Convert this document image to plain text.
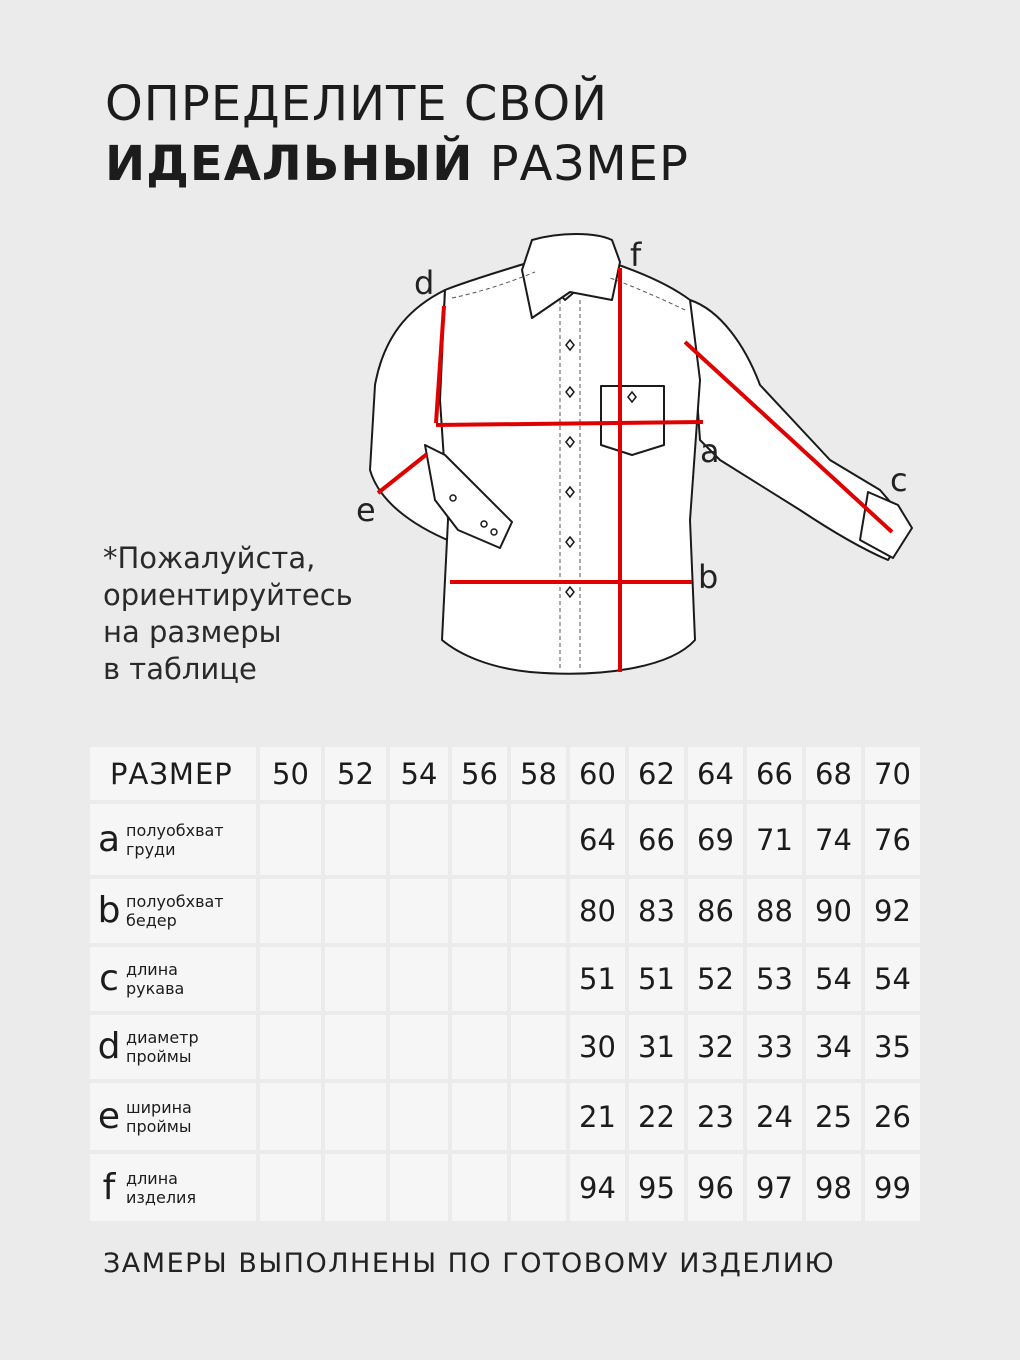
ОПРЕДЕЛИТЕ СВОЙ
ИДЕАЛЬНЫЙ РАЗМЕР
a
b
c
d
e
f
*Пожалуйста,
ориентируйтесь
на размеры
в таблице
РАЗМЕР	50	52	54	56	58	60	62	64	66	68	70

a полуобхват
груди						64	66	69	71	74	76

b полуобхват
бедер						80	83	86	88	90	92

c длина
рукава						51	51	52	53	54	54

d диаметр
проймы						30	31	32	33	34	35

e ширина
проймы						21	22	23	24	25	26

f длина
изделия						94	95	96	97	98	99
ЗАМЕРЫ ВЫПОЛНЕНЫ ПО ГОТОВОМУ ИЗДЕЛИЮ
